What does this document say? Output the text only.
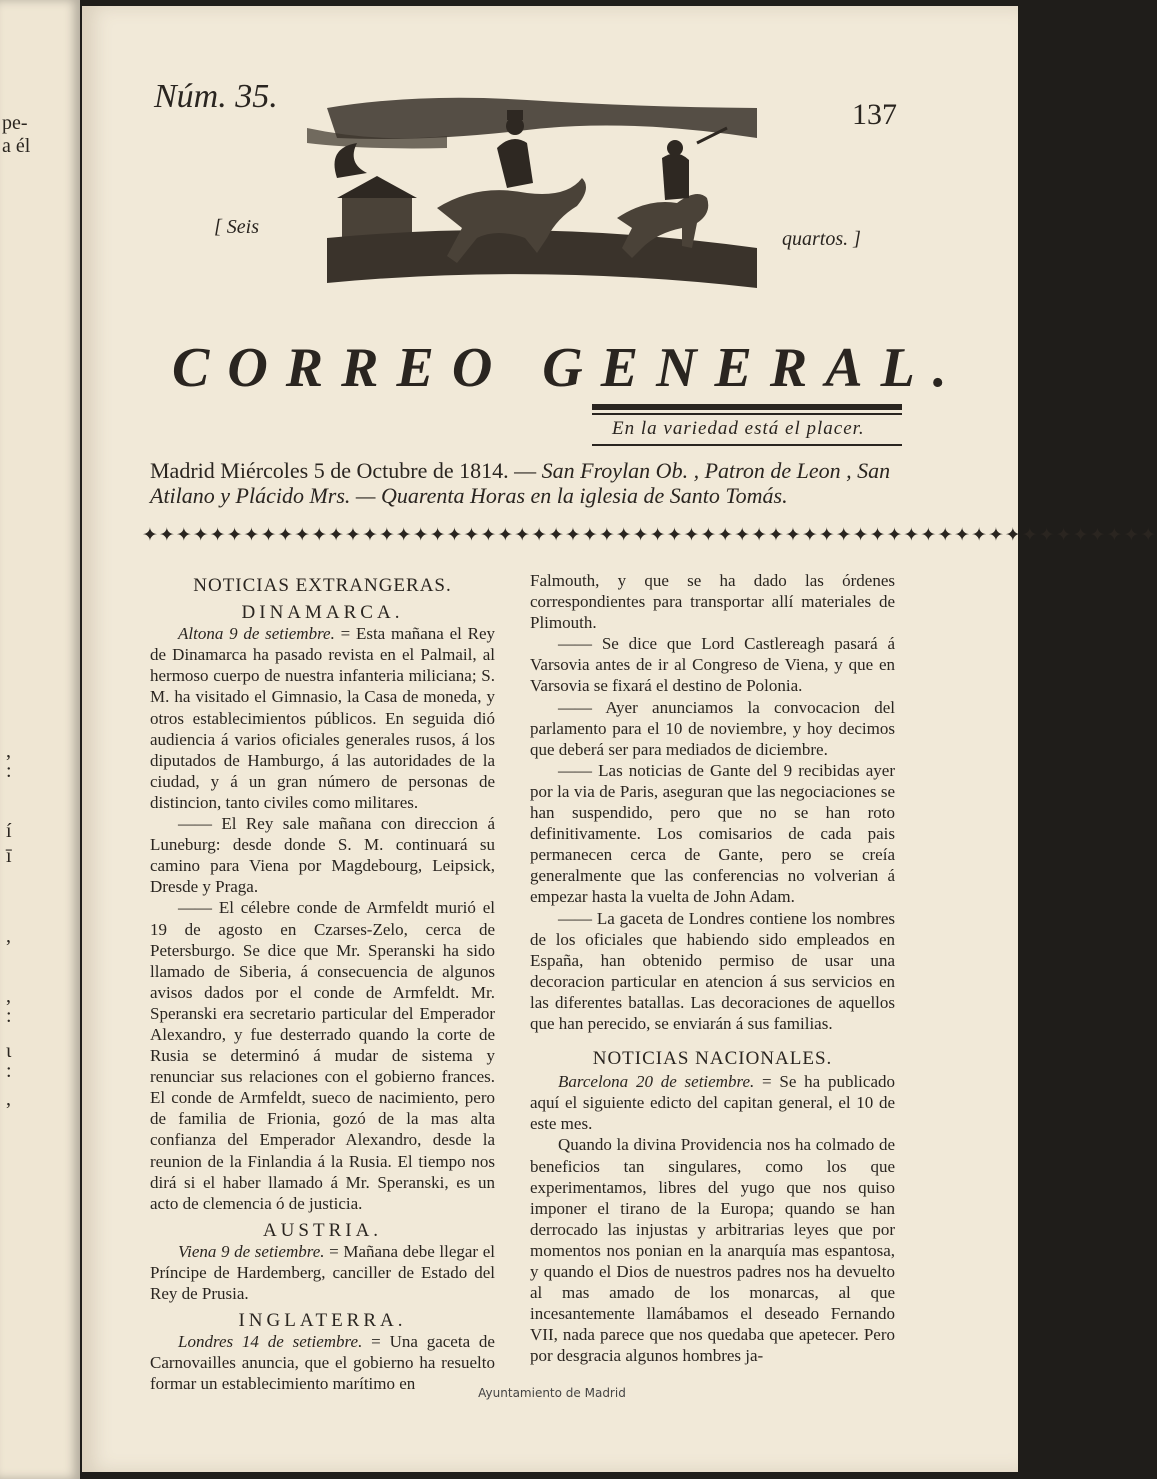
pe-
a él
,
:
í
ī
,
,
:
ɩ
:
,
Núm. 35.	137
[ Seis
quartos. ]
CORREO GENERAL.
En la variedad está el placer.
Madrid Miércoles 5 de Octubre de 1814. — San Froylan Ob. , Patron de Leon , San
Atilano y Plácido Mrs. — Quarenta Horas en la iglesia de Santo Tomás.
✦✦✦✦✦✦✦✦✦✦✦✦✦✦✦✦✦✦✦✦✦✦✦✦✦✦✦✦✦✦✦✦✦✦✦✦✦✦✦✦✦✦✦✦✦✦✦✦✦✦✦✦✦✦✦✦✦✦✦✦
NOTICIAS EXTRANGERAS.
DINAMARCA.

Altona 9 de setiembre. = Esta mañana el Rey de Dinamarca ha pasado revista en el Palmail, al hermoso cuerpo de nuestra infanteria miliciana; S. M. ha visitado el Gimnasio, la Casa de moneda, y otros establecimientos públicos. En seguida dió audiencia á varios oficiales generales rusos, á los diputados de Hamburgo, á las autoridades de la ciudad, y á un gran número de personas de distincion, tanto civiles como militares.

—— El Rey sale mañana con direccion á Luneburg: desde donde S. M. continuará su camino para Viena por Magdebourg, Leipsick, Dresde y Praga.

—— El célebre conde de Armfeldt murió el 19 de agosto en Czarses-Zelo, cerca de Petersburgo. Se dice que Mr. Speranski ha sido llamado de Siberia, á consecuencia de algunos avisos dados por el conde de Armfeldt. Mr. Speranski era secretario particular del Emperador Alexandro, y fue desterrado quando la corte de Rusia se determinó á mudar de sistema y renunciar sus relaciones con el gobierno frances. El conde de Armfeldt, sueco de nacimiento, pero de familia de Frionia, gozó de la mas alta confianza del Emperador Alexandro, desde la reunion de la Finlandia á la Rusia. El tiempo nos dirá si el haber llamado á Mr. Speranski, es un acto de clemencia ó de justicia.

AUSTRIA.

Viena 9 de setiembre. = Mañana debe llegar el Príncipe de Hardemberg, canciller de Estado del Rey de Prusia.

INGLATERRA.

Londres 14 de setiembre. = Una gaceta de Carnovailles anuncia, que el gobierno ha resuelto formar un establecimiento marítimo en

Falmouth, y que se ha dado las órdenes correspondientes para transportar allí materiales de Plimouth.

—— Se dice que Lord Castlereagh pasará á Varsovia antes de ir al Congreso de Viena, y que en Varsovia se fixará el destino de Polonia.

—— Ayer anunciamos la convocacion del parlamento para el 10 de noviembre, y hoy decimos que deberá ser para mediados de diciembre.

—— Las noticias de Gante del 9 recibidas ayer por la via de Paris, aseguran que las negociaciones se han suspendido, pero que no se han roto definitivamente. Los comisarios de cada pais permanecen cerca de Gante, pero se creía generalmente que las conferencias no volverian á empezar hasta la vuelta de John Adam.

—— La gaceta de Londres contiene los nombres de los oficiales que habiendo sido empleados en España, han obtenido permiso de usar una decoracion particular en atencion á sus servicios en las diferentes batallas. Las decoraciones de aquellos que han perecido, se enviarán á sus familias.

NOTICIAS NACIONALES.

Barcelona 20 de setiembre. = Se ha publicado aquí el siguiente edicto del capitan general, el 10 de este mes.

Quando la divina Providencia nos ha colmado de beneficios tan singulares, como los que experimentamos, libres del yugo que nos quiso imponer el tirano de la Europa; quando se han derrocado las injustas y arbitrarias leyes que por momentos nos ponian en la anarquía mas espantosa, y quando el Dios de nuestros padres nos ha devuelto al mas amado de los monarcas, al que incesantemente llamábamos el deseado Fernando VII, nada parece que nos quedaba que apetecer. Pero por desgracia algunos hombres ja-

Ayuntamiento de Madrid
